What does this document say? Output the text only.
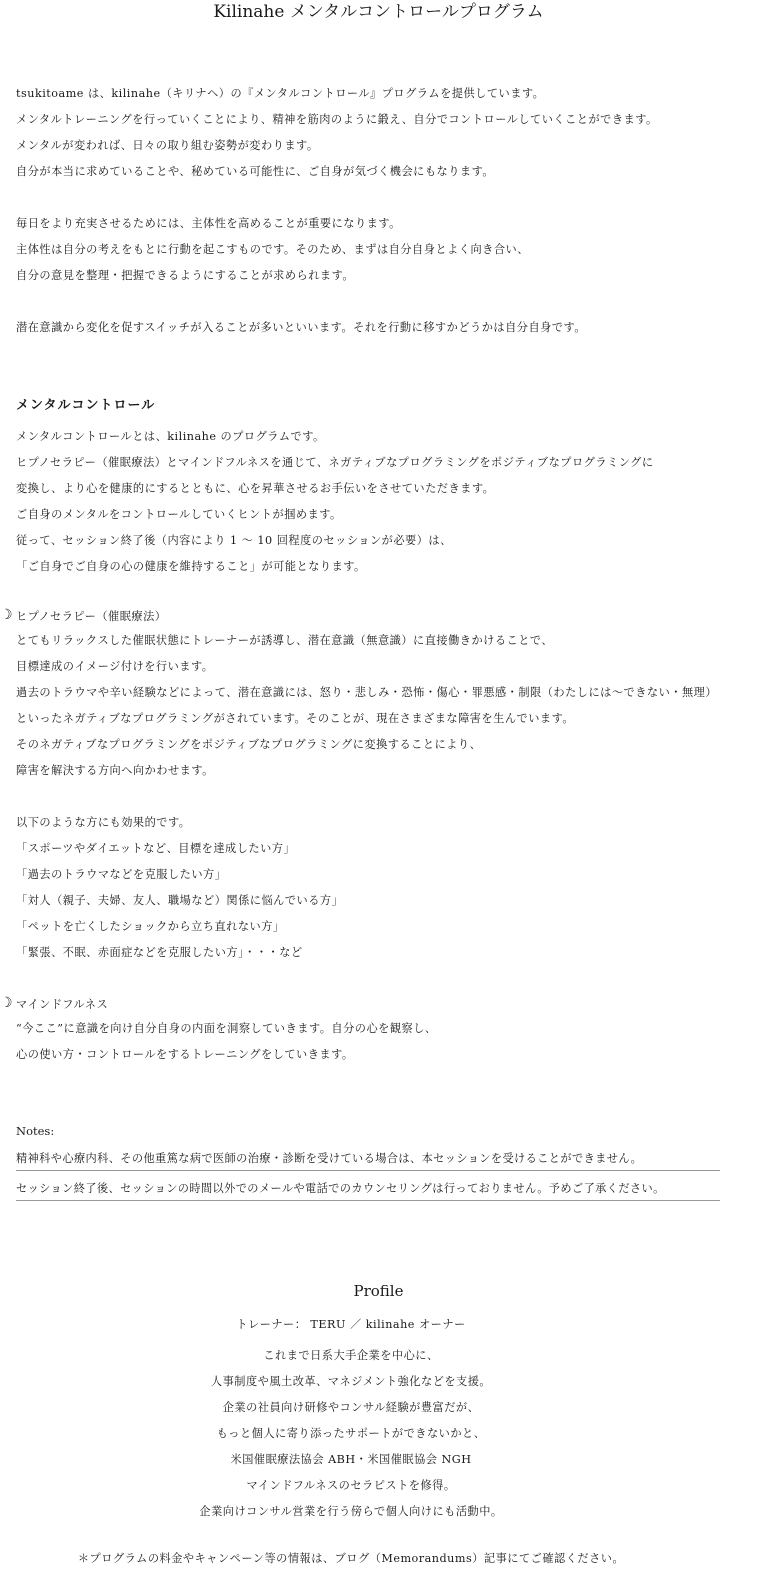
Kilinahe メンタルコントロールプログラム
tsukitoame は、kilinahe（キリナヘ）の『メンタルコントロール』プログラムを提供しています。
メンタルトレーニングを行っていくことにより、精神を筋肉のように鍛え、自分でコントロールしていくことができます。
メンタルが変われば、日々の取り組む姿勢が変わります。
自分が本当に求めていることや、秘めている可能性に、ご自身が気づく機会にもなります。
毎日をより充実させるためには、主体性を高めることが重要になります。
主体性は自分の考えをもとに行動を起こすものです。そのため、まずは自分自身とよく向き合い、
自分の意見を整理・把握できるようにすることが求められます。
潜在意識から変化を促すスイッチが入ることが多いといいます。それを行動に移すかどうかは自分自身です。
メンタルコントロール
メンタルコントロールとは、kilinahe のプログラムです。
ヒプノセラピー（催眠療法）とマインドフルネスを通じて、ネガティブなプログラミングをポジティブなプログラミングに
変換し、より心を健康的にするとともに、心を昇華させるお手伝いをさせていただきます。
ご自身のメンタルをコントロールしていくヒントが掴めます。
従って、セッション終了後（内容により 1 〜 10 回程度のセッションが必要）は、
「ご自身でご自身の心の健康を維持すること」が可能となります。
☽ ヒプノセラピー（催眠療法）
とてもリラックスした催眠状態にトレーナーが誘導し、潜在意識（無意識）に直接働きかけることで、
目標達成のイメージ付けを行います。
過去のトラウマや辛い経験などによって、潜在意識には、怒り・悲しみ・恐怖・傷心・罪悪感・制限（わたしには〜できない・無理）
といったネガティブなプログラミングがされています。そのことが、現在さまざまな障害を生んでいます。
そのネガティブなプログラミングをポジティブなプログラミングに変換することにより、
障害を解決する方向へ向かわせます。
以下のような方にも効果的です。
「スポーツやダイエットなど、目標を達成したい方」
「過去のトラウマなどを克服したい方」
「対人（親子、夫婦、友人、職場など）関係に悩んでいる方」
「ペットを亡くしたショックから立ち直れない方」
「緊張、不眠、赤面症などを克服したい方」・・・など
☽ マインドフルネス
“今ここ”に意識を向け自分自身の内面を洞察していきます。自分の心を観察し、
心の使い方・コントロールをするトレーニングをしていきます。
Notes:
精神科や心療内科、その他重篤な病で医師の治療・診断を受けている場合は、本セッションを受けることができません。
セッション終了後、セッションの時間以外でのメールや電話でのカウンセリングは行っておりません。予めご了承ください。
Profile
トレーナー： TERU ／ kilinahe オーナー
これまで日系大手企業を中心に、
人事制度や風土改革、マネジメント強化などを支援。
企業の社員向け研修やコンサル経験が豊富だが、
もっと個人に寄り添ったサポートができないかと、
米国催眠療法協会 ABH・米国催眠協会 NGH
マインドフルネスのセラピストを修得。
企業向けコンサル営業を行う傍らで個人向けにも活動中。
＊プログラムの料金やキャンペーン等の情報は、ブログ（Memorandums）記事にてご確認ください。
